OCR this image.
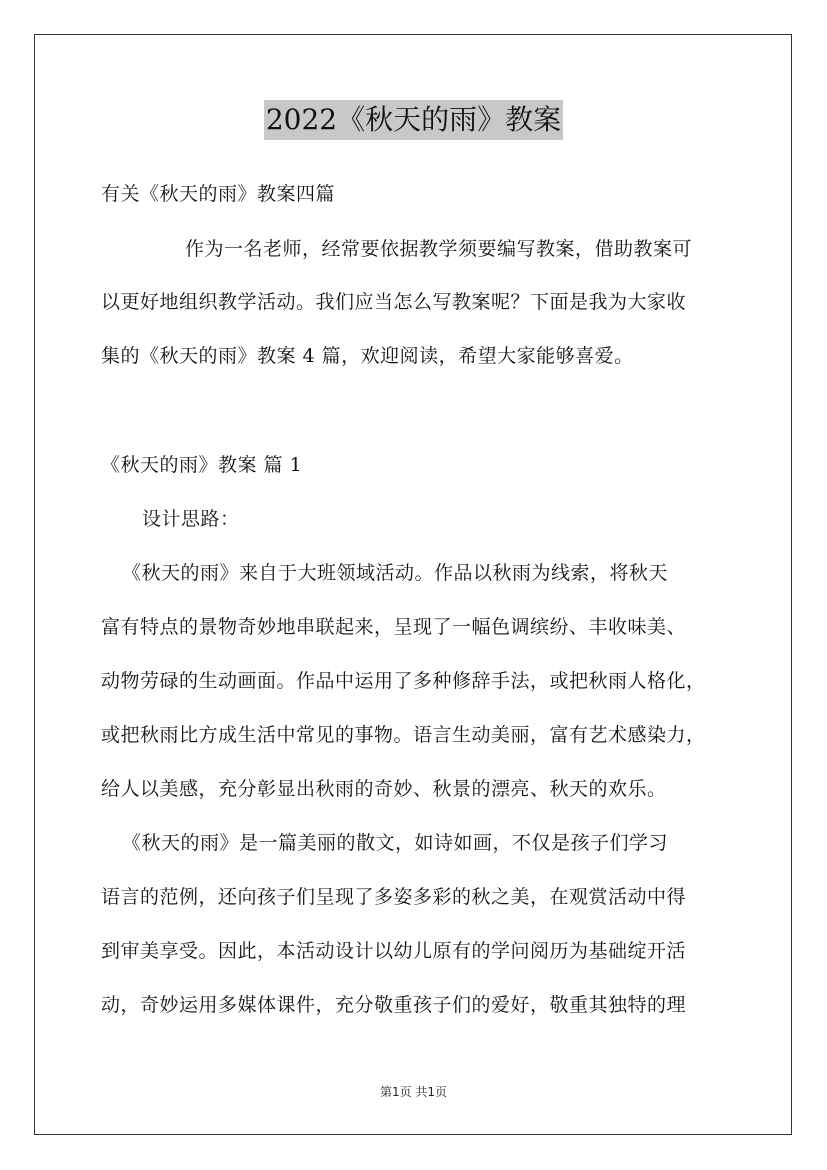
2022《秋天的雨》教案
有关《秋天的雨》教案四篇
作为一名老师，经常要依据教学须要编写教案，借助教案可
以更好地组织教学活动。我们应当怎么写教案呢？下面是我为大家收
集的《秋天的雨》教案 4 篇，欢迎阅读，希望大家能够喜爱。
《秋天的雨》教案 篇 1
设计思路：
《秋天的雨》来自于大班领域活动。作品以秋雨为线索，将秋天
富有特点的景物奇妙地串联起来，呈现了一幅色调缤纷、丰收味美、
动物劳碌的生动画面。作品中运用了多种修辞手法，或把秋雨人格化，
或把秋雨比方成生活中常见的事物。语言生动美丽，富有艺术感染力，
给人以美感，充分彰显出秋雨的奇妙、秋景的漂亮、秋天的欢乐。
《秋天的雨》是一篇美丽的散文，如诗如画，不仅是孩子们学习
语言的范例，还向孩子们呈现了多姿多彩的秋之美，在观赏活动中得
到审美享受。因此，本活动设计以幼儿原有的学问阅历为基础绽开活
动，奇妙运用多媒体课件，充分敬重孩子们的爱好，敬重其独特的理
第1页 共1页
